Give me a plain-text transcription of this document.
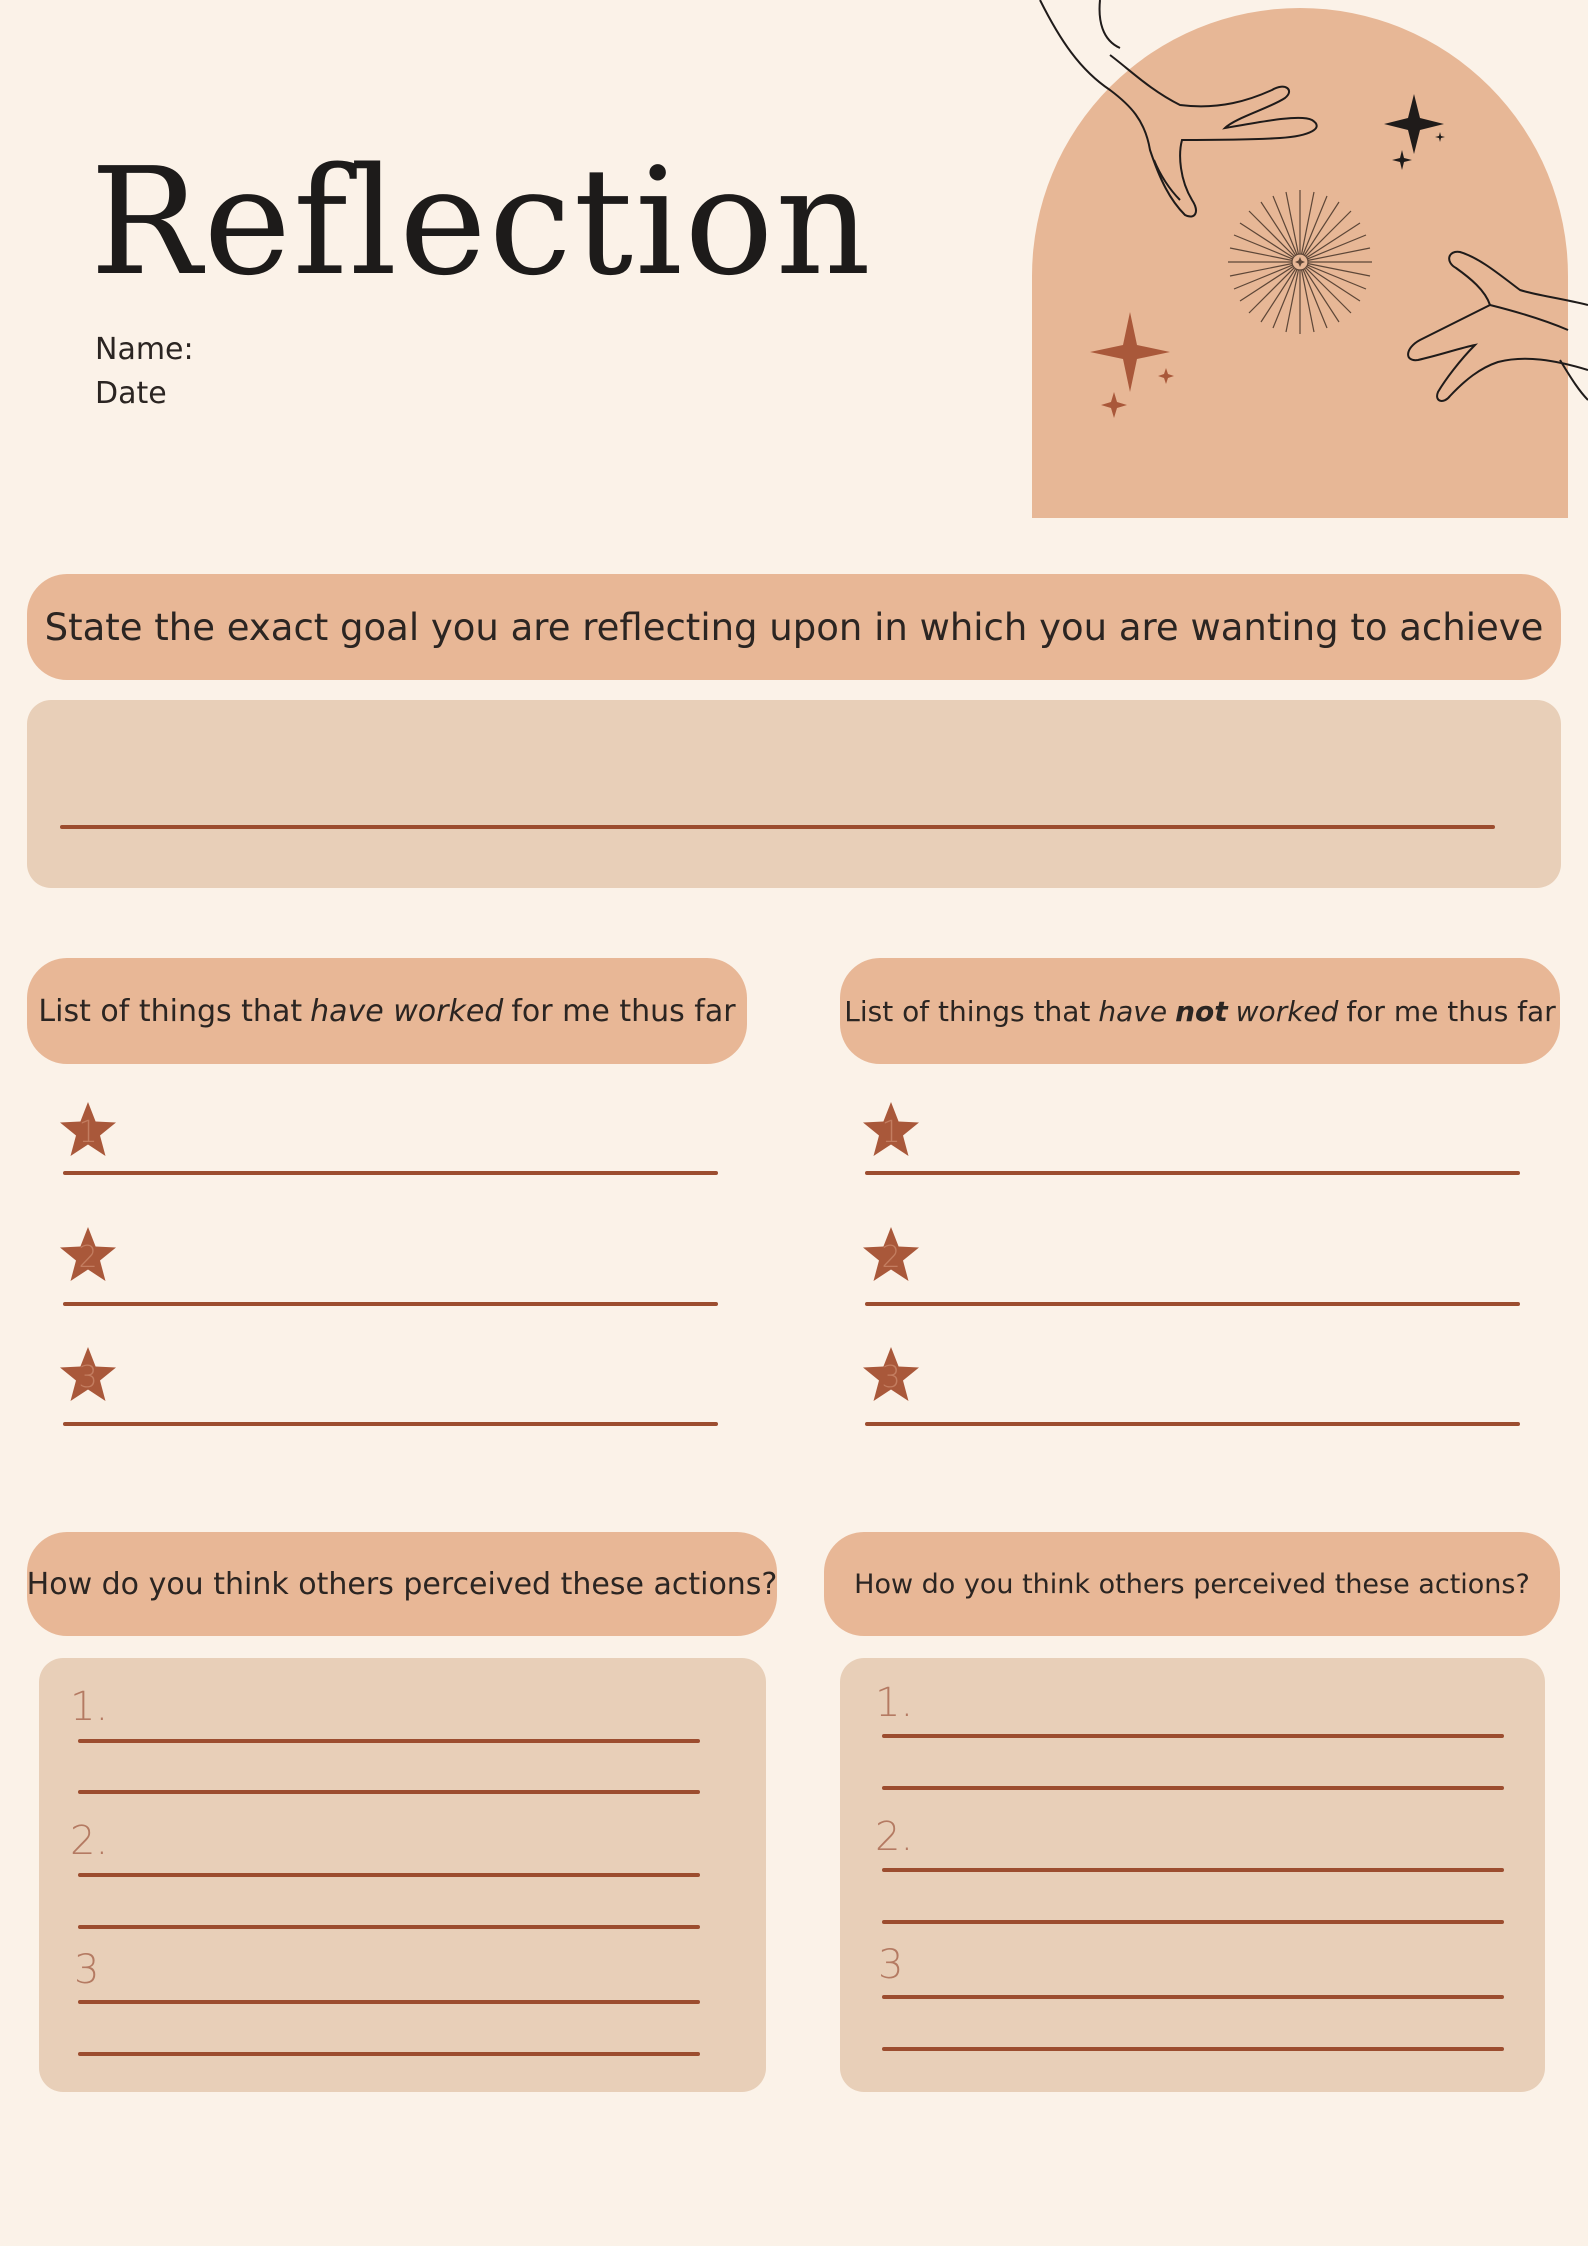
Reflection
Name:
Date
State the exact goal you are reflecting upon in which you are wanting to achieve
List of things that have worked for me thus far	List of things that have not worked for me thus far
1
2
3
1
2
3
How do you think others perceived these actions?	How do you think others perceived these actions?
1.
2.
3
1.
2.
3
